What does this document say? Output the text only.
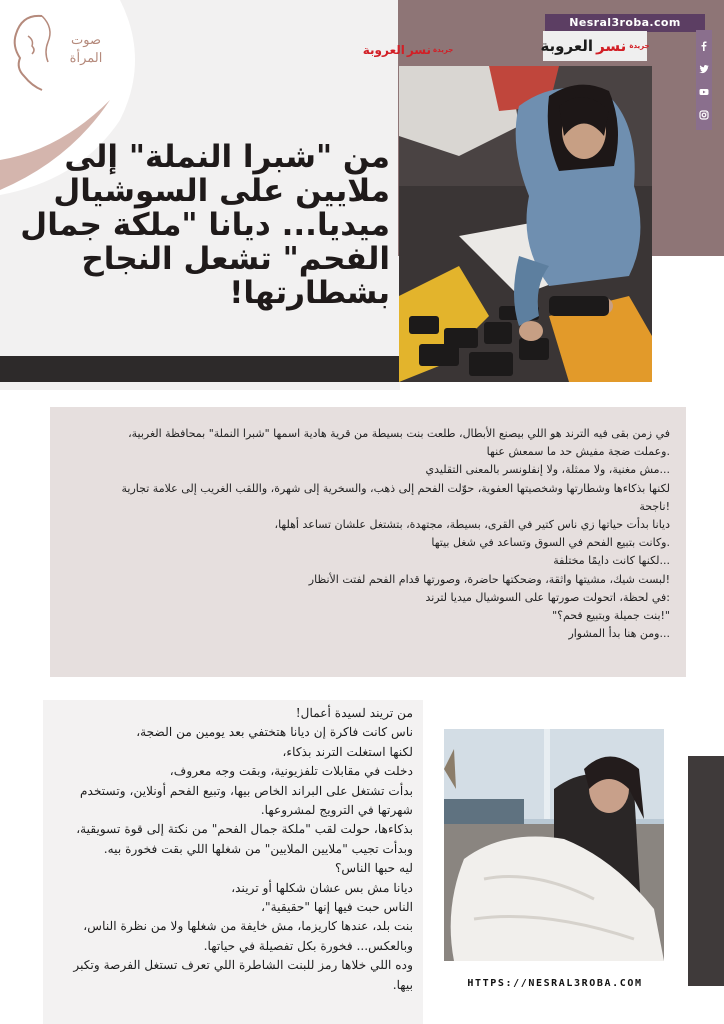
صوت المرأة
جريدة
نسر
العروبة
Nesral3roba.com
جريدة
نسر
العروبة
من "شبرا النملة" إلى ملايين على السوشيال ميديا... ديانا "ملكة جمال الفحم" تشعل النجاح بشطارتها!

في زمن بقى فيه الترند هو اللي بيصنع الأبطال، طلعت بنت بسيطة من قرية هادية اسمها "شبرا النملة" بمحافظة الغربية،

.وعملت ضجة مفيش حد ما سمعش عنها

...مش مغنية، ولا ممثلة، ولا إنفلونسر بالمعنى التقليدي

لكنها بذكاءها وشطارتها وشخصيتها العفوية، حوّلت الفحم إلى ذهب، والسخرية إلى شهرة، واللقب الغريب إلى علامة تجارية

!ناجحة

ديانا بدأت حياتها زي ناس كتير في القرى، بسيطة، مجتهدة، بتشتغل علشان تساعد أهلها،

.وكانت بتبيع الفحم في السوق وتساعد في شغل بيتها

...لكنها كانت دايمًا مختلفة

!لبست شيك، مشيتها واثقة، وضحكتها حاضرة، وصورتها قدام الفحم لفتت الأنظار

:في لحظة، اتحولت صورتها على السوشيال ميديا لترند

"!بنت جميلة وبتبيع فحم؟"

...ومن هنا بدأ المشوار

من تريند لسيدة أعمال!

ناس كانت فاكرة إن ديانا هتختفي بعد يومين من الضجة،

لكنها استغلت الترند بذكاء،

دخلت في مقابلات تلفزيونية، وبقت وجه معروف،

بدأت تشتغل على البراند الخاص بيها، وتبيع الفحم أونلاين، وتستخدم

شهرتها في الترويج لمشروعها.

بذكاءها، حولت لقب "ملكة جمال الفحم" من نكتة إلى قوة تسويقية،

وبدأت تجيب "ملايين الملايين" من شغلها اللي بقت فخورة بيه.

ليه حبها الناس؟

ديانا مش بس عشان شكلها أو تريند،

الناس حبت فيها إنها "حقيقية"،

بنت بلد، عندها كاريزما، مش خايفة من شغلها ولا من نظرة الناس،

وبالعكس... فخورة بكل تفصيلة في حياتها.

وده اللي خلاها رمز للبنت الشاطرة اللي تعرف تستغل الفرصة وتكبر

بيها.	HTTPS://NESRAL3ROBA.COM
